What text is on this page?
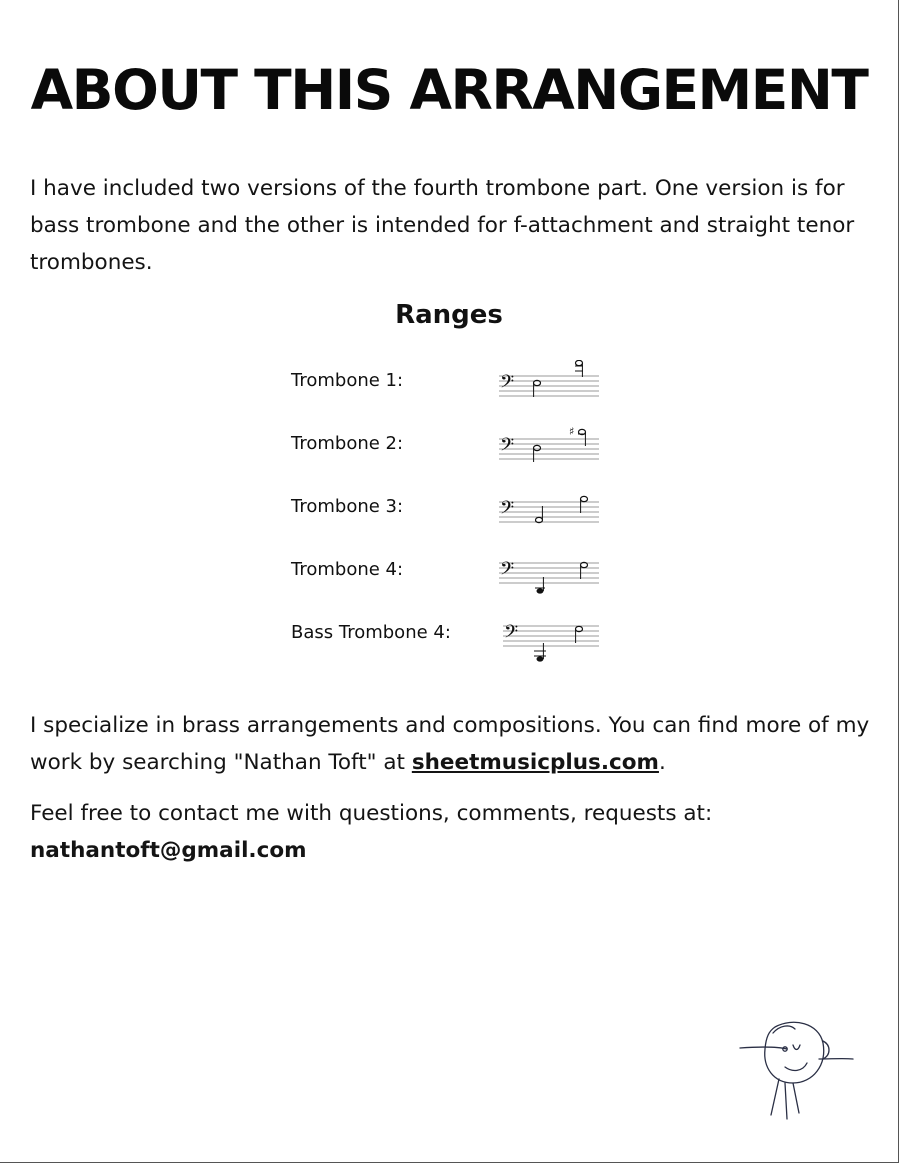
ABOUT THIS ARRANGEMENT

I have included two versions of the fourth trombone part. One version is for bass trombone and the other is intended for f-attachment and straight tenor trombones.

Ranges
Trombone 1:	𝄢
Trombone 2:	𝄢
♯
Trombone 3:	𝄢
Trombone 4:	𝄢
Bass Trombone 4: 𝄢

I specialize in brass arrangements and compositions. You can find more of my work by searching "Nathan Toft" at sheetmusicplus.com.

Feel free to contact me with questions, comments, requests at:
nathantoft@gmail.com
